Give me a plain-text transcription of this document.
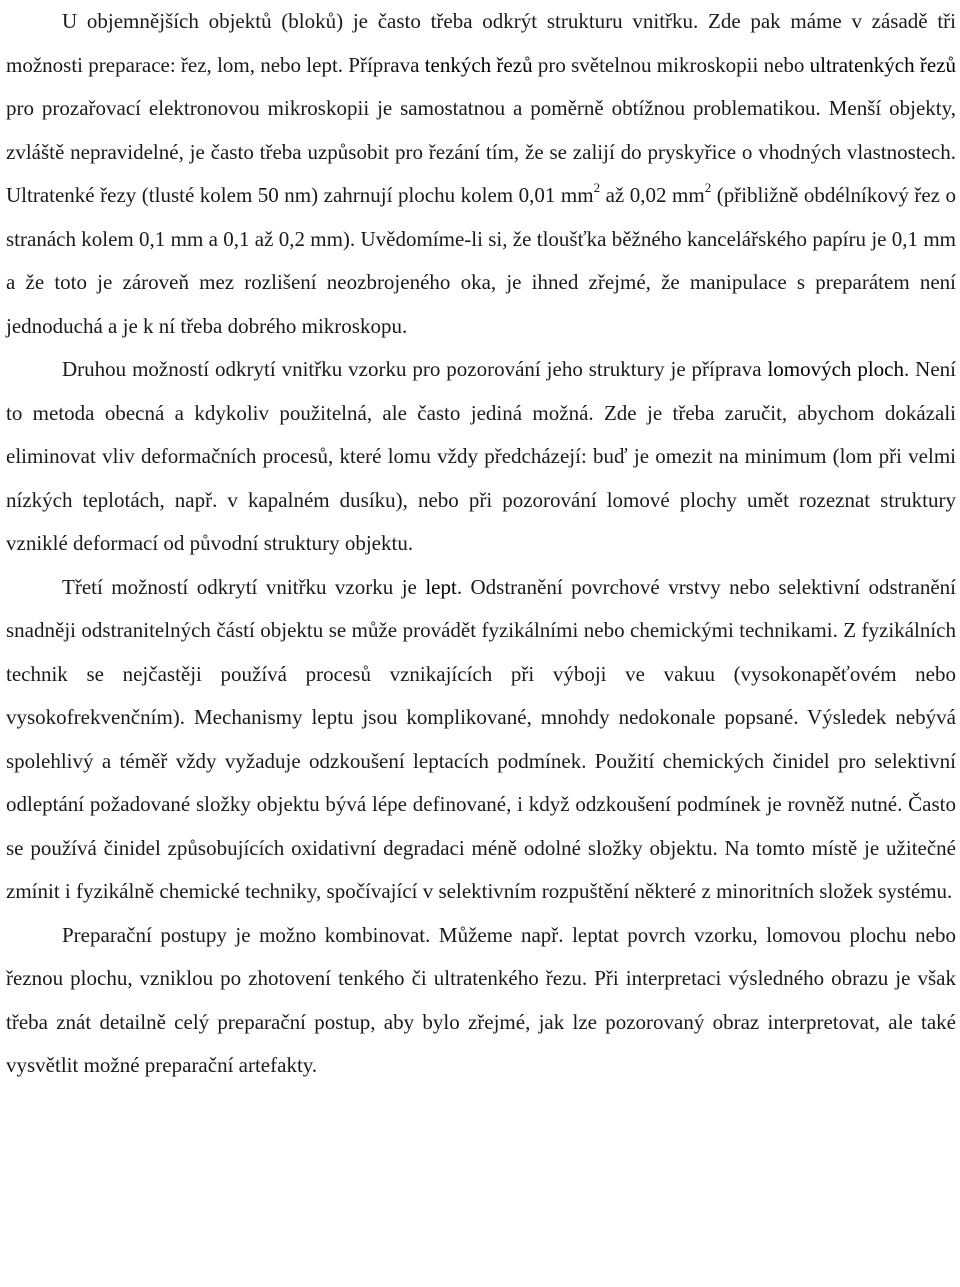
U objemnějších objektů (bloků) je často třeba odkrýt strukturu vnitřku. Zde pak máme v zásadě tři možnosti preparace: řez, lom, nebo lept. Příprava tenkých řezů pro světelnou mikroskopii nebo ultratenkých řezů pro prozařovací elektronovou mikroskopii je samostatnou a poměrně obtížnou problematikou. Menší objekty, zvláště nepravidelné, je často třeba uzpůsobit pro řezání tím, že se zalijí do pryskyřice o vhodných vlastnostech. Ultratenké řezy (tlusté kolem 50 nm) zahrnují plochu kolem 0,01 $mm^2$ až 0,02 $mm^2$ (přibližně obdélníkový řez o stranách kolem 0,1 mm a 0,1 až 0,2 mm). Uvědomíme-li si, že tloušťka běžného kancelářského papíru je 0,1 mm a že toto je zároveň mez rozlišení neozbrojeného oka, je ihned zřejmé, že manipulace s preparátem není jednoduchá a je k ní třeba dobrého mikroskopu.

Druhou možností odkrytí vnitřku vzorku pro pozorování jeho struktury je příprava lomových ploch. Není to metoda obecná a kdykoliv použitelná, ale často jediná možná. Zde je třeba zaručit, abychom dokázali eliminovat vliv deformačních procesů, které lomu vždy předcházejí: buď je omezit na minimum (lom při velmi nízkých teplotách, např. v kapalném dusíku), nebo při pozorování lomové plochy umět rozeznat struktury vzniklé deformací od původní struktury objektu.

Třetí možností odkrytí vnitřku vzorku je lept. Odstranění povrchové vrstvy nebo selektivní odstranění snadněji odstranitelných částí objektu se může provádět fyzikálními nebo chemickými technikami. Z fyzikálních technik se nejčastěji používá procesů vznikajících při výboji ve vakuu (vysokonapěťovém nebo vysokofrekvenčním). Mechanismy leptu jsou komplikované, mnohdy nedokonale popsané. Výsledek nebývá spolehlivý a téměř vždy vyžaduje odzkoušení leptacích podmínek. Použití chemických činidel pro selektivní odleptání požadované složky objektu bývá lépe definované, i když odzkoušení podmínek je rovněž nutné. Často se používá činidel způsobujících oxidativní degradaci méně odolné složky objektu. Na tomto místě je užitečné zmínit i fyzikálně chemické techniky, spočívající v selektivním rozpuštění některé z minoritních složek systému.

Preparační postupy je možno kombinovat. Můžeme např. leptat povrch vzorku, lomovou plochu nebo řeznou plochu, vzniklou po zhotovení tenkého či ultratenkého řezu. Při interpretaci výsledného obrazu je však třeba znát detailně celý preparační postup, aby bylo zřejmé, jak lze pozorovaný obraz interpretovat, ale také vysvětlit možné preparační artefakty.
